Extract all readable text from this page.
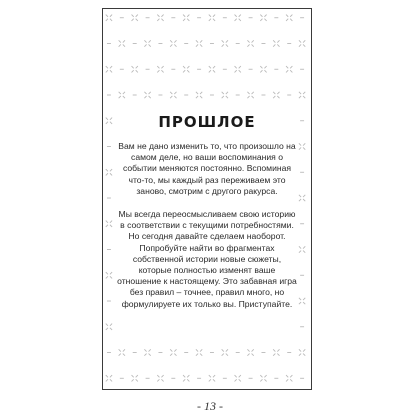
ПРОШЛОЕ

Вам не дано изменить то, что произошло на самом деле, но ваши воспоминания о событии меняются постоянно. Вспоминая что-то, мы каждый раз переживаем это заново, смотрим с другого ракурса.

Мы всегда переосмысливаем свою историю в соответствии с текущими потребностями. Но сегодня давайте сделаем наоборот. Попробуйте найти во фрагментах собственной истории новые сюжеты, которые полностью изменят ваше отношение к настоящему. Это забавная игра без правил – точнее, правил много, но формулируете их только вы. Приступайте.

- 13 -
